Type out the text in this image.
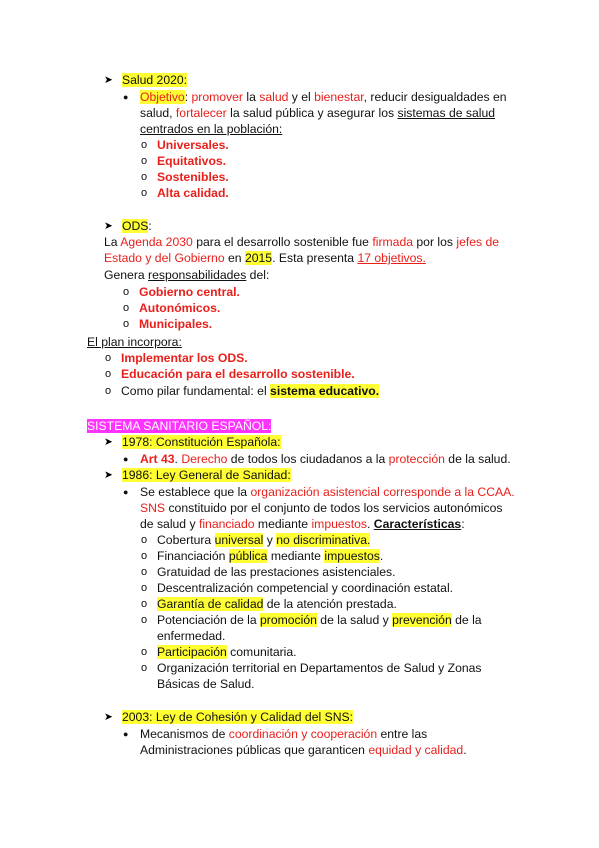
➤ Salud 2020:
● Objetivo: promover la salud y el bienestar, reducir desigualdades en
salud, fortalecer la salud pública y asegurar los sistemas de salud
centrados en la población:
o Universales.
o Equitativos.
o Sostenibles.
o Alta calidad.
➤ ODS:
La Agenda 2030 para el desarrollo sostenible fue firmada por los jefes de
Estado y del Gobierno en 2015. Esta presenta 17 objetivos.
Genera responsabilidades del:
o Gobierno central.
o Autonómicos.
o Municipales.
El plan incorpora:
o Implementar los ODS.
o Educación para el desarrollo sostenible.
o Como pilar fundamental: el sistema educativo.
SISTEMA SANITARIO ESPAÑOL:
➤ 1978: Constitución Española:
● Art 43. Derecho de todos los ciudadanos a la protección de la salud.
➤ 1986: Ley General de Sanidad:
● Se establece que la organización asistencial corresponde a la CCAA.
SNS constituido por el conjunto de todos los servicios autonómicos
de salud y financiado mediante impuestos. Características:
o Cobertura universal y no discriminativa.
o Financiación pública mediante impuestos.
o Gratuidad de las prestaciones asistenciales.
o Descentralización competencial y coordinación estatal.
o Garantía de calidad de la atención prestada.
o Potenciación de la promoción de la salud y prevención de la
enfermedad.
o Participación comunitaria.
o Organización territorial en Departamentos de Salud y Zonas
Básicas de Salud.
➤ 2003: Ley de Cohesión y Calidad del SNS:
● Mecanismos de coordinación y cooperación entre las
Administraciones públicas que garanticen equidad y calidad.
